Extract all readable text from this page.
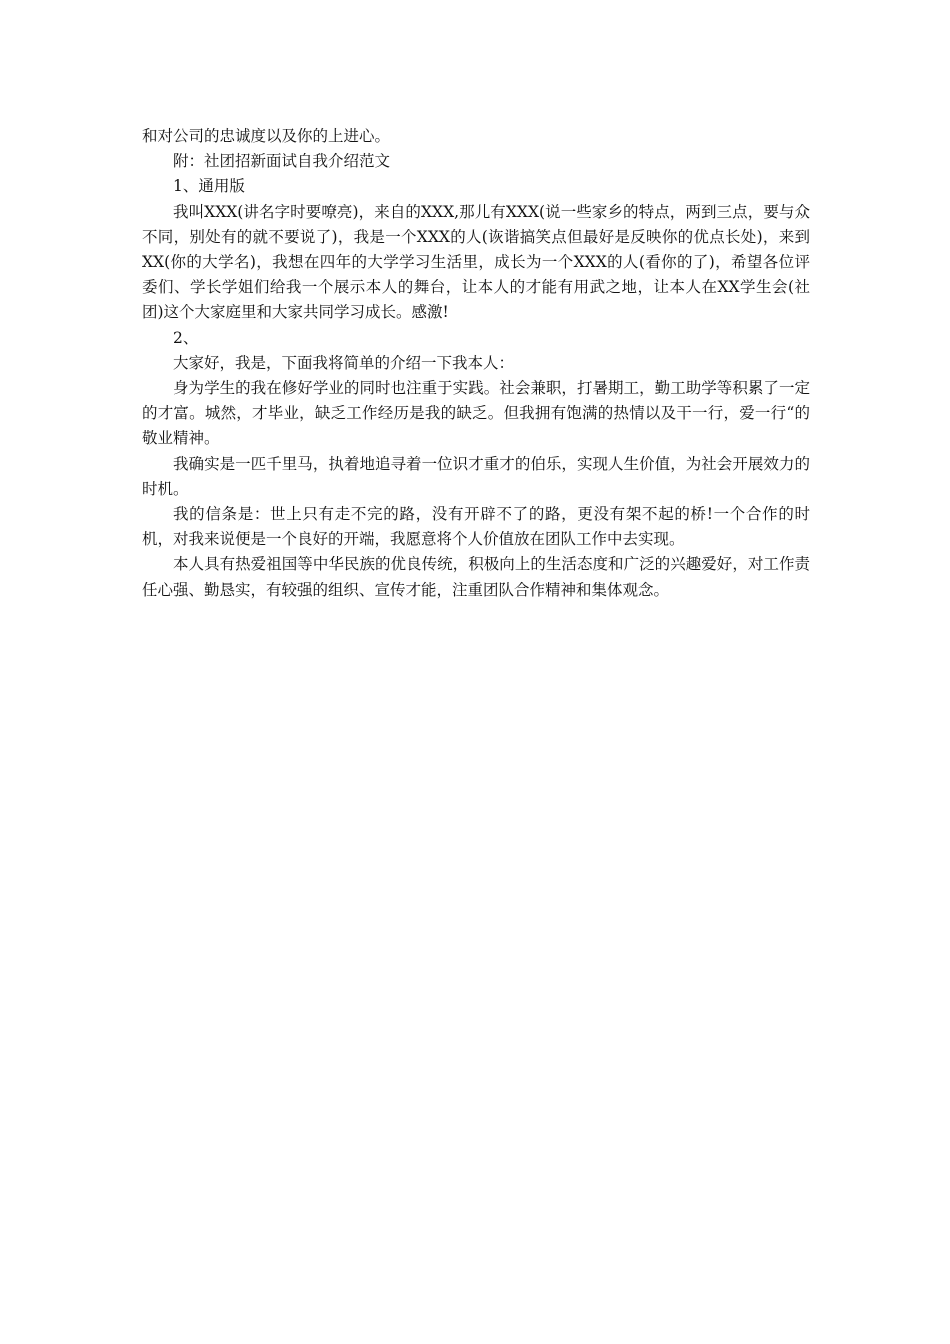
和对公司的忠诚度以及你的上进心。

附：社团招新面试自我介绍范文

1、通用版

我叫XXX(讲名字时要嘹亮)，来自的XXX,那儿有XXX(说一些家乡的特点，两到三点，要与众不同，别处有的就不要说了)，我是一个XXX的人(诙谐搞笑点但最好是反映你的优点长处)，来到XX(你的大学名)，我想在四年的大学学习生活里，成长为一个XXX的人(看你的了)，希望各位评委们、学长学姐们给我一个展示本人的舞台，让本人的才能有用武之地，让本人在XX学生会(社团)这个大家庭里和大家共同学习成长。感激!

2、

大家好，我是，下面我将简单的介绍一下我本人：

身为学生的我在修好学业的同时也注重于实践。社会兼职，打暑期工，勤工助学等积累了一定的才富。城然，才毕业，缺乏工作经历是我的缺乏。但我拥有饱满的热情以及干一行，爱一行“的敬业精神。

我确实是一匹千里马，执着地追寻着一位识才重才的伯乐，实现人生价值，为社会开展效力的时机。

我的信条是：世上只有走不完的路，没有开辟不了的路，更没有架不起的桥!一个合作的时机，对我来说便是一个良好的开端，我愿意将个人价值放在团队工作中去实现。

本人具有热爱祖国等中华民族的优良传统，积极向上的生活态度和广泛的兴趣爱好，对工作责任心强、勤恳实，有较强的组织、宣传才能，注重团队合作精神和集体观念。
